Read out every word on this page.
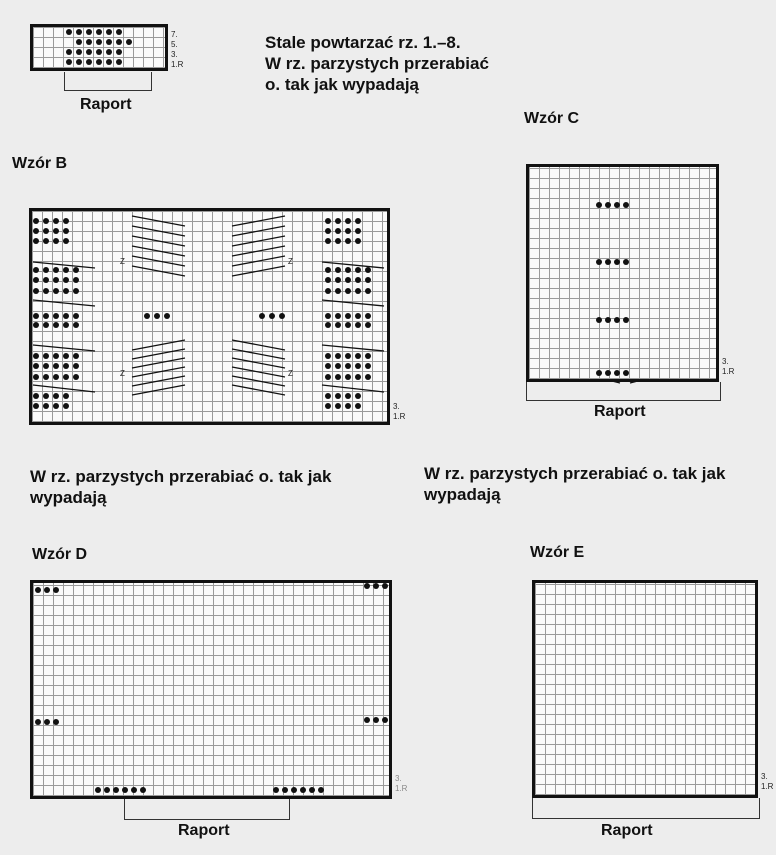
7.
5.
3.
1.R
Raport
Stale powtarzać rz. 1.–8.
W rz. parzystych przerabiać
o. tak jak wypadają
Wzór B
Z	Z
Z	Z
3.
1.R
W rz. parzystych przerabiać o. tak jak wypadają
Wzór C
3.
1.R
Raport
W rz. parzystych przerabiać o. tak jak
wypadają
Wzór D
3.
1.R
Raport
Wzór E
3.
1.R
Raport
